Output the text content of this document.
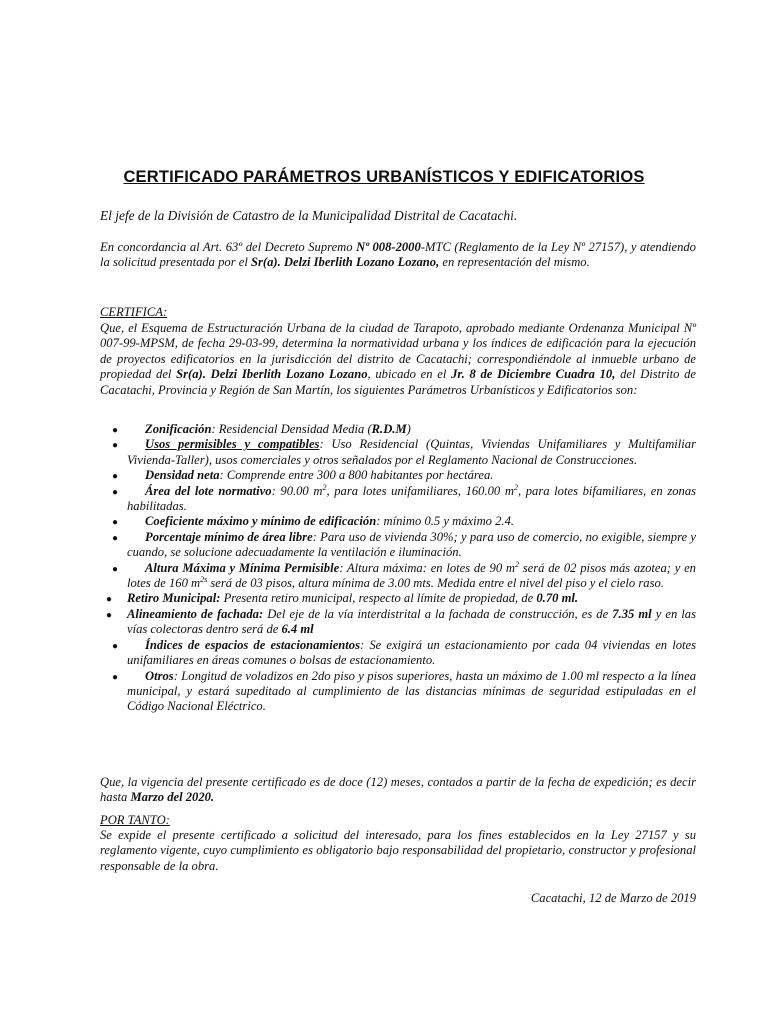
CERTIFICADO PARÁMETROS URBANÍSTICOS Y EDIFICATORIOS
El jefe de la División de Catastro de la Municipalidad Distrital de Cacatachi.
En concordancia al Art. 63º del Decreto Supremo Nº 008-2000-MTC (Reglamento de la Ley Nº 27157), y atendiendo la solicitud presentada por el Sr(a). Delzi Iberlith Lozano Lozano, en representación del mismo.
CERTIFICA:
Que, el Esquema de Estructuración Urbana de la ciudad de Tarapoto, aprobado mediante Ordenanza Municipal Nº 007-99-MPSM, de fecha 29-03-99, determina la normatividad urbana y los índices de edificación para la ejecución de proyectos edificatorios en la jurisdicción del distrito de Cacatachi; correspondiéndole al inmueble urbano de propiedad del Sr(a). Delzi Iberlith Lozano Lozano, ubicado en el Jr. 8 de Diciembre Cuadra 10, del Distrito de Cacatachi, Provincia y Región de San Martín, los siguientes Parámetros Urbanísticos y Edificatorios son:
● Zonificación: Residencial Densidad Media (R.D.M)
● Usos permisibles y compatibles: Uso Residencial (Quintas, Viviendas Unifamiliares y Multifamiliar Vivienda-Taller), usos comerciales y otros señalados por el Reglamento Nacional de Construcciones.
● Densidad neta: Comprende entre 300 a 800 habitantes por hectárea.
● Área del lote normativo: 90.00 $m^2$, para lotes unifamiliares, 160.00 $m^2$, para lotes bifamiliares, en zonas habilitadas.
● Coeficiente máximo y mínimo de edificación: mínimo 0.5 y máximo 2.4.
● Porcentaje mínimo de área libre: Para uso de vivienda 30%; y para uso de comercio, no exigible, siempre y cuando, se solucione adecuadamente la ventilación e iluminación.
● Altura Máxima y Mínima Permisible: Altura máxima: en lotes de 90 $m^2$ será de 02 pisos más azotea; y en lotes de 160 $m^{2s}$ será de 03 pisos, altura mínima de 3.00 mts. Medida entre el nivel del piso y el cielo raso.
● Retiro Municipal: Presenta retiro municipal, respecto al límite de propiedad, de 0.70 ml.
● Alineamiento de fachada: Del eje de la vía interdistrital a la fachada de construcción, es de 7.35 ml y en las vías colectoras dentro será de 6.4 ml
● Índices de espacios de estacionamientos: Se exigirá un estacionamiento por cada 04 viviendas en lotes unifamiliares en áreas comunes o bolsas de estacionamiento.
● Otros: Longitud de voladizos en 2do piso y pisos superiores, hasta un máximo de 1.00 ml respecto a la línea municipal, y estará supeditado al cumplimiento de las distancias mínimas de seguridad estipuladas en el Código Nacional Eléctrico.
Que, la vigencia del presente certificado es de doce (12) meses, contados a partir de la fecha de expedición; es decir hasta Marzo del 2020.
POR TANTO:
Se expide el presente certificado a solicitud del interesado, para los fines establecidos en la Ley 27157 y su reglamento vigente, cuyo cumplimiento es obligatorio bajo responsabilidad del propietario, constructor y profesional responsable de la obra.
Cacatachi, 12 de Marzo de 2019
